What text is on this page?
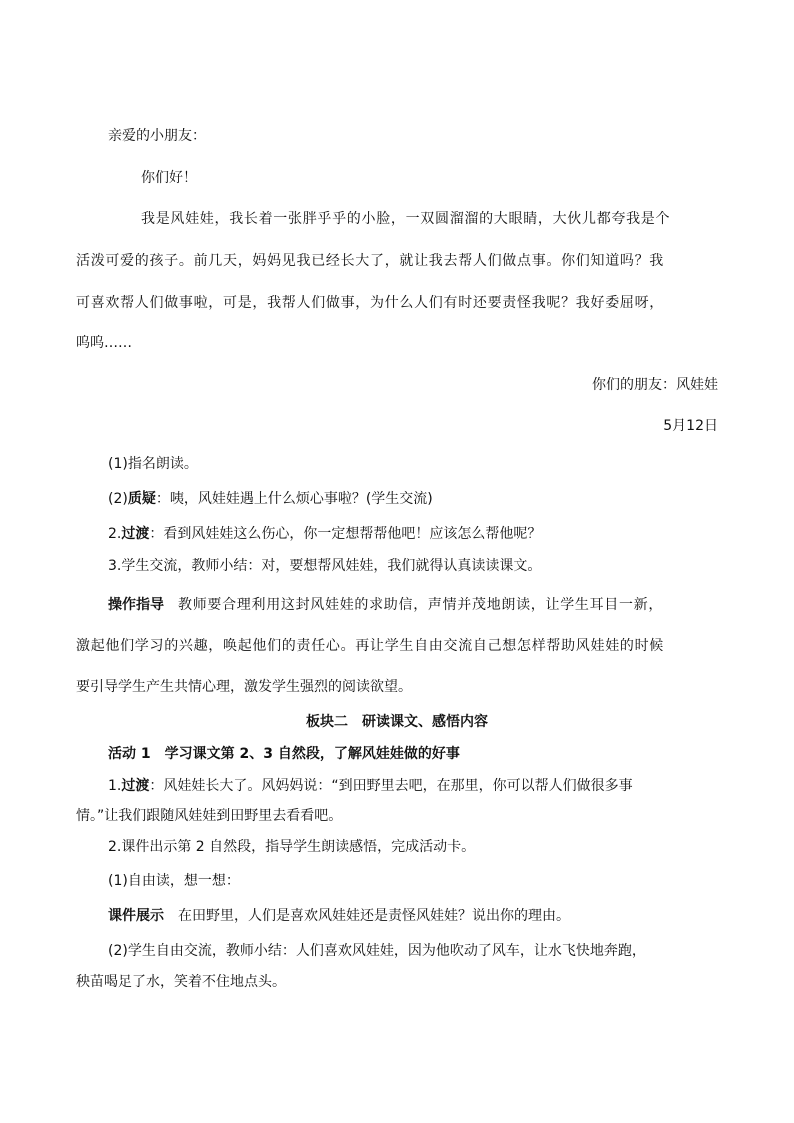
亲爱的小朋友：
你们好！
我是风娃娃，我长着一张胖乎乎的小脸，一双圆溜溜的大眼睛，大伙儿都夸我是个
活泼可爱的孩子。前几天，妈妈见我已经长大了，就让我去帮人们做点事。你们知道吗？我
可喜欢帮人们做事啦，可是，我帮人们做事，为什么人们有时还要责怪我呢？我好委屈呀，
呜呜……
你们的朋友：风娃娃
5月12日
(1)指名朗读。
(2)质疑：咦，风娃娃遇上什么烦心事啦？(学生交流)
2.过渡：看到风娃娃这么伤心，你一定想帮帮他吧！应该怎么帮他呢？
3.学生交流，教师小结：对，要想帮风娃娃，我们就得认真读读课文。
操作指导 教师要合理利用这封风娃娃的求助信，声情并茂地朗读，让学生耳目一新，
激起他们学习的兴趣，唤起他们的责任心。再让学生自由交流自己想怎样帮助风娃娃的时候
要引导学生产生共情心理，激发学生强烈的阅读欲望。
板块二　研读课文、感悟内容
活动 1　学习课文第 2、3 自然段，了解风娃娃做的好事
1.过渡：风娃娃长大了。风妈妈说：“到田野里去吧，在那里，你可以帮人们做很多事
情。”让我们跟随风娃娃到田野里去看看吧。
2.课件出示第 2 自然段，指导学生朗读感悟，完成活动卡。
(1)自由读，想一想：
课件展示 在田野里，人们是喜欢风娃娃还是责怪风娃娃？说出你的理由。
(2)学生自由交流，教师小结：人们喜欢风娃娃，因为他吹动了风车，让水飞快地奔跑，
秧苗喝足了水，笑着不住地点头。
